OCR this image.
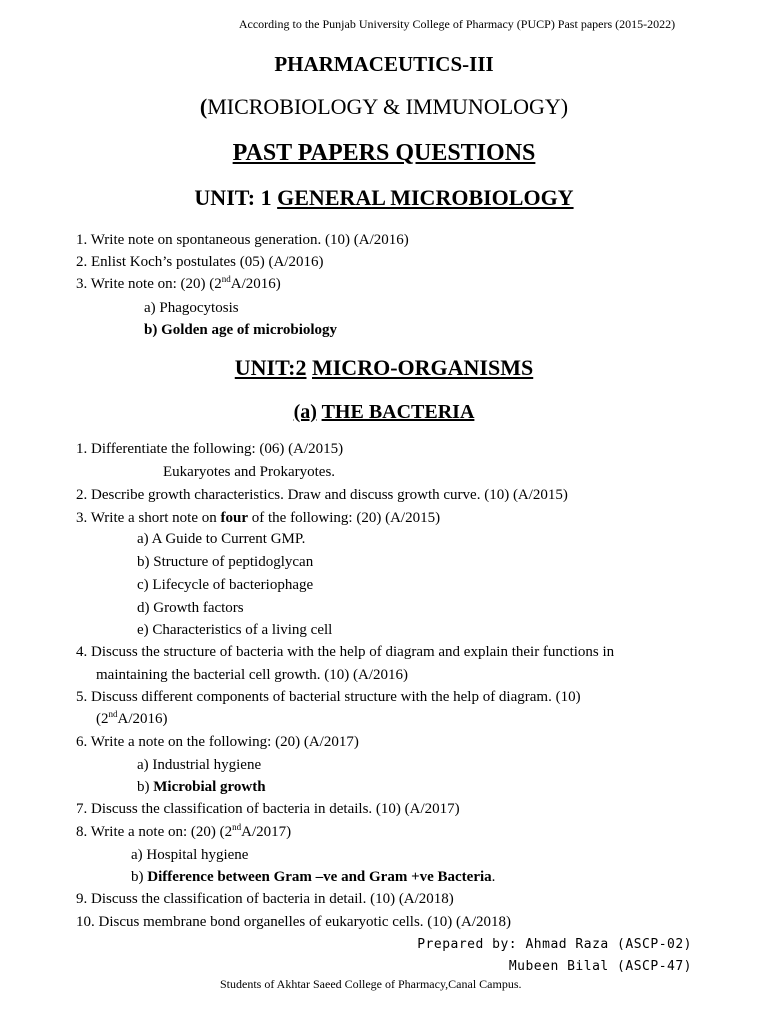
According to the Punjab University College of Pharmacy (PUCP) Past papers (2015-2022)
PHARMACEUTICS-III
(MICROBIOLOGY & IMMUNOLOGY)
PAST PAPERS QUESTIONS
UNIT: 1 GENERAL MICROBIOLOGY
1. Write note on spontaneous generation. (10) (A/2016)
2. Enlist Koch’s postulates (05) (A/2016)
3. Write note on: (20) (2ndA/2016)
a) Phagocytosis
b) Golden age of microbiology
UNIT:2 MICRO-ORGANISMS
(a) THE BACTERIA
1. Differentiate the following: (06) (A/2015)
Eukaryotes and Prokaryotes.
2. Describe growth characteristics. Draw and discuss growth curve. (10) (A/2015)
3. Write a short note on four of the following: (20) (A/2015)
a) A Guide to Current GMP.
b) Structure of peptidoglycan
c) Lifecycle of bacteriophage
d) Growth factors
e) Characteristics of a living cell
4. Discuss the structure of bacteria with the help of diagram and explain their functions in
maintaining the bacterial cell growth. (10) (A/2016)
5. Discuss different components of bacterial structure with the help of diagram. (10)
(2ndA/2016)
6. Write a note on the following: (20) (A/2017)
a) Industrial hygiene
b) Microbial growth
7. Discuss the classification of bacteria in details. (10) (A/2017)
8. Write a note on: (20) (2ndA/2017)
a) Hospital hygiene
b) Difference between Gram –ve and Gram +ve Bacteria.
9. Discuss the classification of bacteria in detail. (10) (A/2018)
10. Discus membrane bond organelles of eukaryotic cells. (10) (A/2018)
Prepared by: Ahmad Raza (ASCP-02)
Mubeen Bilal (ASCP-47)
Students of Akhtar Saeed College of Pharmacy,Canal Campus.
